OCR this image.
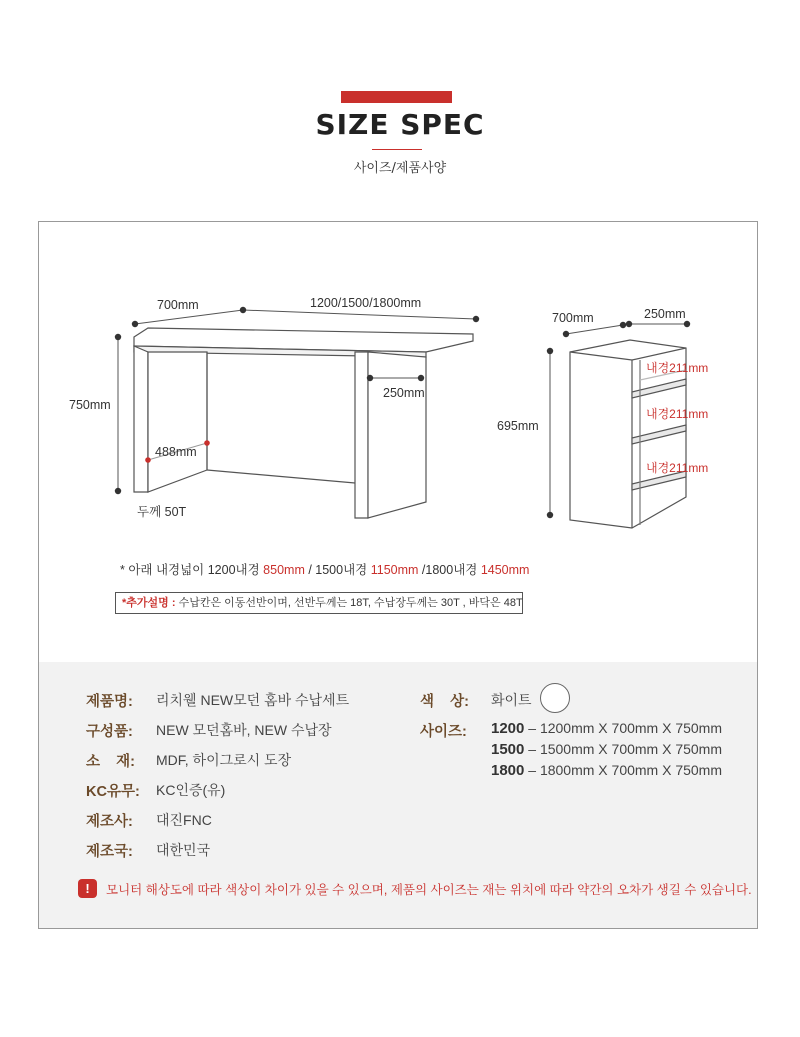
SIZE SPEC
사이즈/제품사양
700mm	1200/1500/1800mm
750mm
488mm
250mm
두께 50T
700mm	250mm
695mm
내경211mm
내경211mm
내경211mm
* 아래 내경넓이 1200내경 850mm / 1500내경 1150mm /1800내경 1450mm
*추가설명 : 수납칸은 이동선반이며, 선반두께는 18T, 수납장두께는 30T , 바닥은 48T
제품명: 리치웰 NEW모던 홈바 수납세트
구성품: NEW 모던홈바, NEW 수납장
소    재: MDF, 하이그로시 도장
KC유무: KC인증(유)
제조사: 대진FNC
제조국: 대한민국
색    상: 화이트
사이즈: 1200 – 1200mm X 700mm X 750mm
1500 – 1500mm X 700mm X 750mm
1800 – 1800mm X 700mm X 750mm
!	모니터 해상도에 따라 색상이 차이가 있을 수 있으며, 제품의 사이즈는 재는 위치에 따라 약간의 오차가 생길 수 있습니다.
